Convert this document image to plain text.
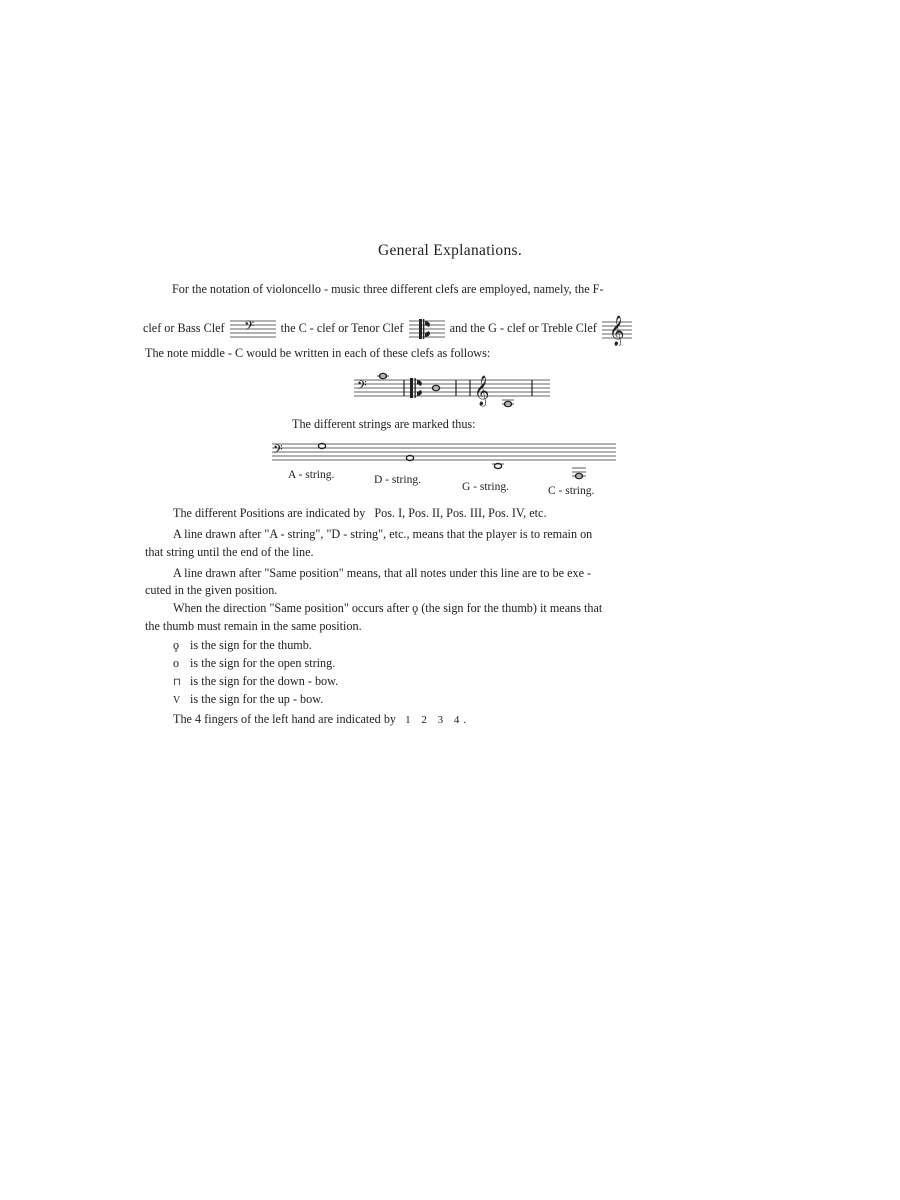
General Explanations.
For the notation of violoncello - music three different clefs are employed, namely, the F-
clef or Bass Clef 𝄢 the C - clef or Tenor Clef	and the G - clef or Treble Clef 𝄞
The note middle - C would be written in each of these clefs as follows:
𝄢	𝄞
The different strings are marked thus:
𝄢
A - string.	D - string.
G - string.	C - string.
The different Positions are indicated by Pos. I, Pos. II, Pos. III, Pos. IV, etc.
A line drawn after "A - string", "D - string", etc., means that the player is to remain on
that string until the end of the line.
A line drawn after "Same position" means, that all notes under this line are to be exe -
cuted in the given position.
When the direction "Same position" occurs after ϙ (the sign for the thumb) it means that
the thumb must remain in the same position.
ϙ is the sign for the thumb.
o is the sign for the open string.
⊓ is the sign for the down - bow.
V is the sign for the up - bow.
The 4 fingers of the left hand are indicated by 1 2 3 4.
